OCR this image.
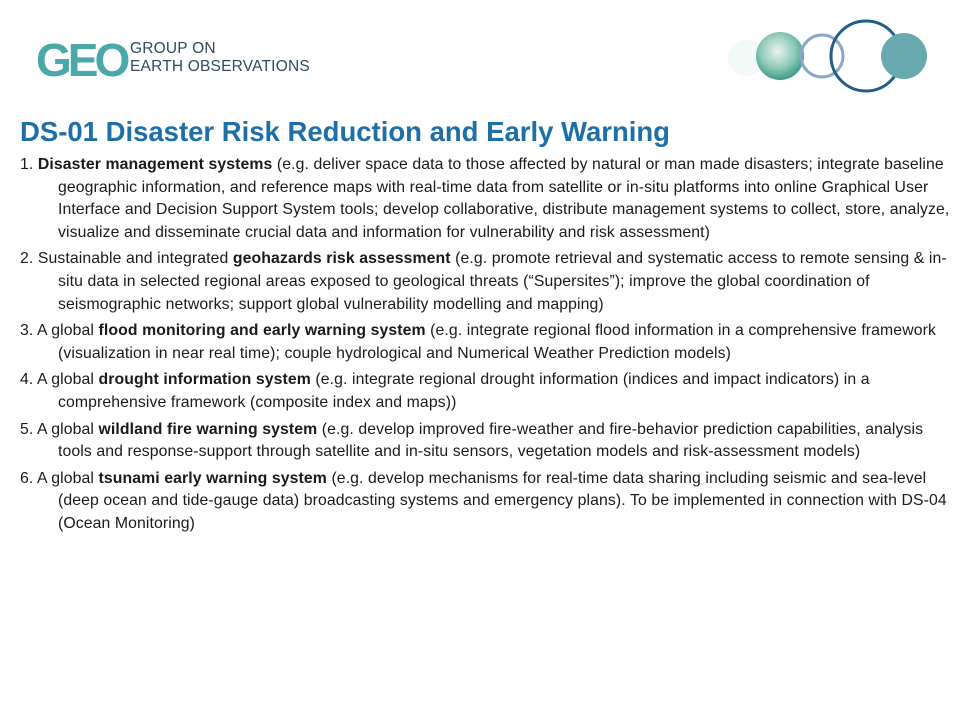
GEO GROUP ON
EARTH OBSERVATIONS
DS-01 Disaster Risk Reduction and Early Warning

1. Disaster management systems (e.g. deliver space data to those affected by natural or man made disasters; integrate baseline geographic information, and reference maps with real-time data from satellite or in-situ platforms into online Graphical User Interface and Decision Support System tools; develop collaborative, distribute management systems to collect, store, analyze, visualize and disseminate crucial data and information for vulnerability and risk assessment)

2. Sustainable and integrated geohazards risk assessment (e.g. promote retrieval and systematic access to remote sensing & in-situ data in selected regional areas exposed to geological threats (“Supersites”); improve the global coordination of seismographic networks; support global vulnerability modelling and mapping)

3. A global flood monitoring and early warning system (e.g. integrate regional flood information in a comprehensive framework (visualization in near real time); couple hydrological and Numerical Weather Prediction models)

4. A global drought information system (e.g. integrate regional drought information (indices and impact indicators) in a comprehensive framework (composite index and maps))

5. A global wildland fire warning system (e.g. develop improved fire-weather and fire-behavior prediction capabilities, analysis tools and response-support through satellite and in-situ sensors, vegetation models and risk-assessment models)

6. A global tsunami early warning system (e.g. develop mechanisms for real-time data sharing including seismic and sea-level (deep ocean and tide-gauge data) broadcasting systems and emergency plans). To be implemented in connection with DS-04 (Ocean Monitoring)
